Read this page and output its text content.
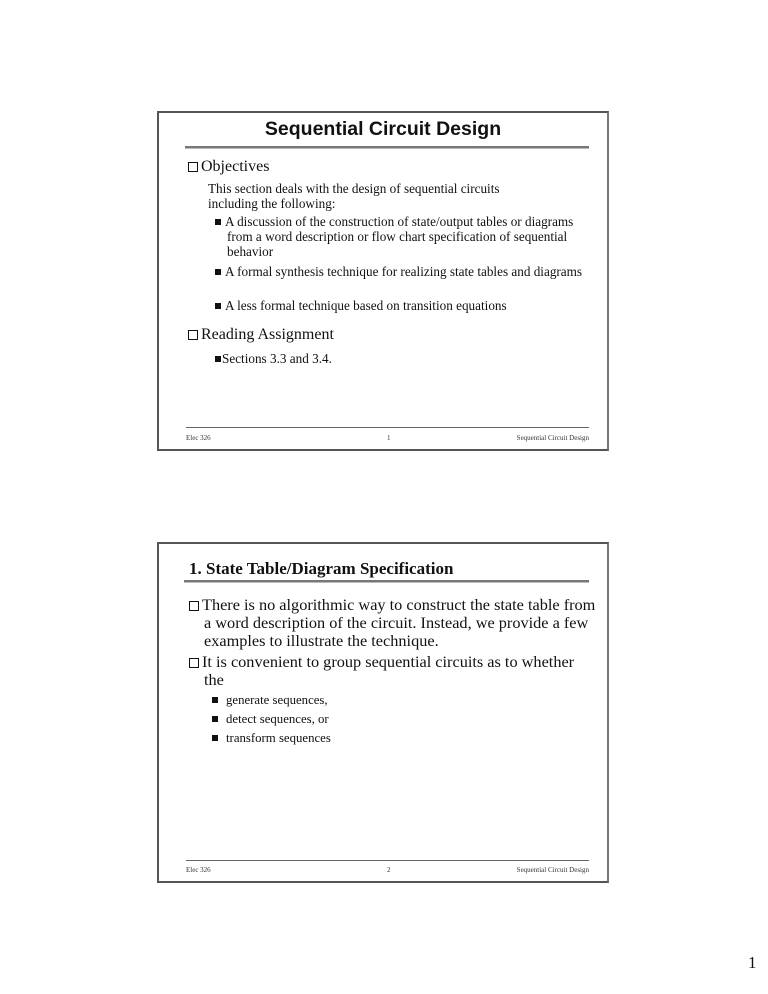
Sequential Circuit Design
Objectives
This section deals with the design of sequential circuits including the following:
A discussion of the construction of state/output tables or diagrams from a word description or flow chart specification of sequential behavior
A formal synthesis technique for realizing state tables and diagrams
A less formal technique based on transition equations
Reading Assignment
Sections 3.3 and 3.4.
Elec 326	1	Sequential Circuit Design
1. State Table/Diagram Specification
There is no algorithmic way to construct the state table from a word description of the circuit. Instead, we provide a few examples to illustrate the technique.
It is convenient to group sequential circuits as to whether the
generate sequences,
detect sequences, or
transform sequences
Elec 326	2	Sequential Circuit Design
1
